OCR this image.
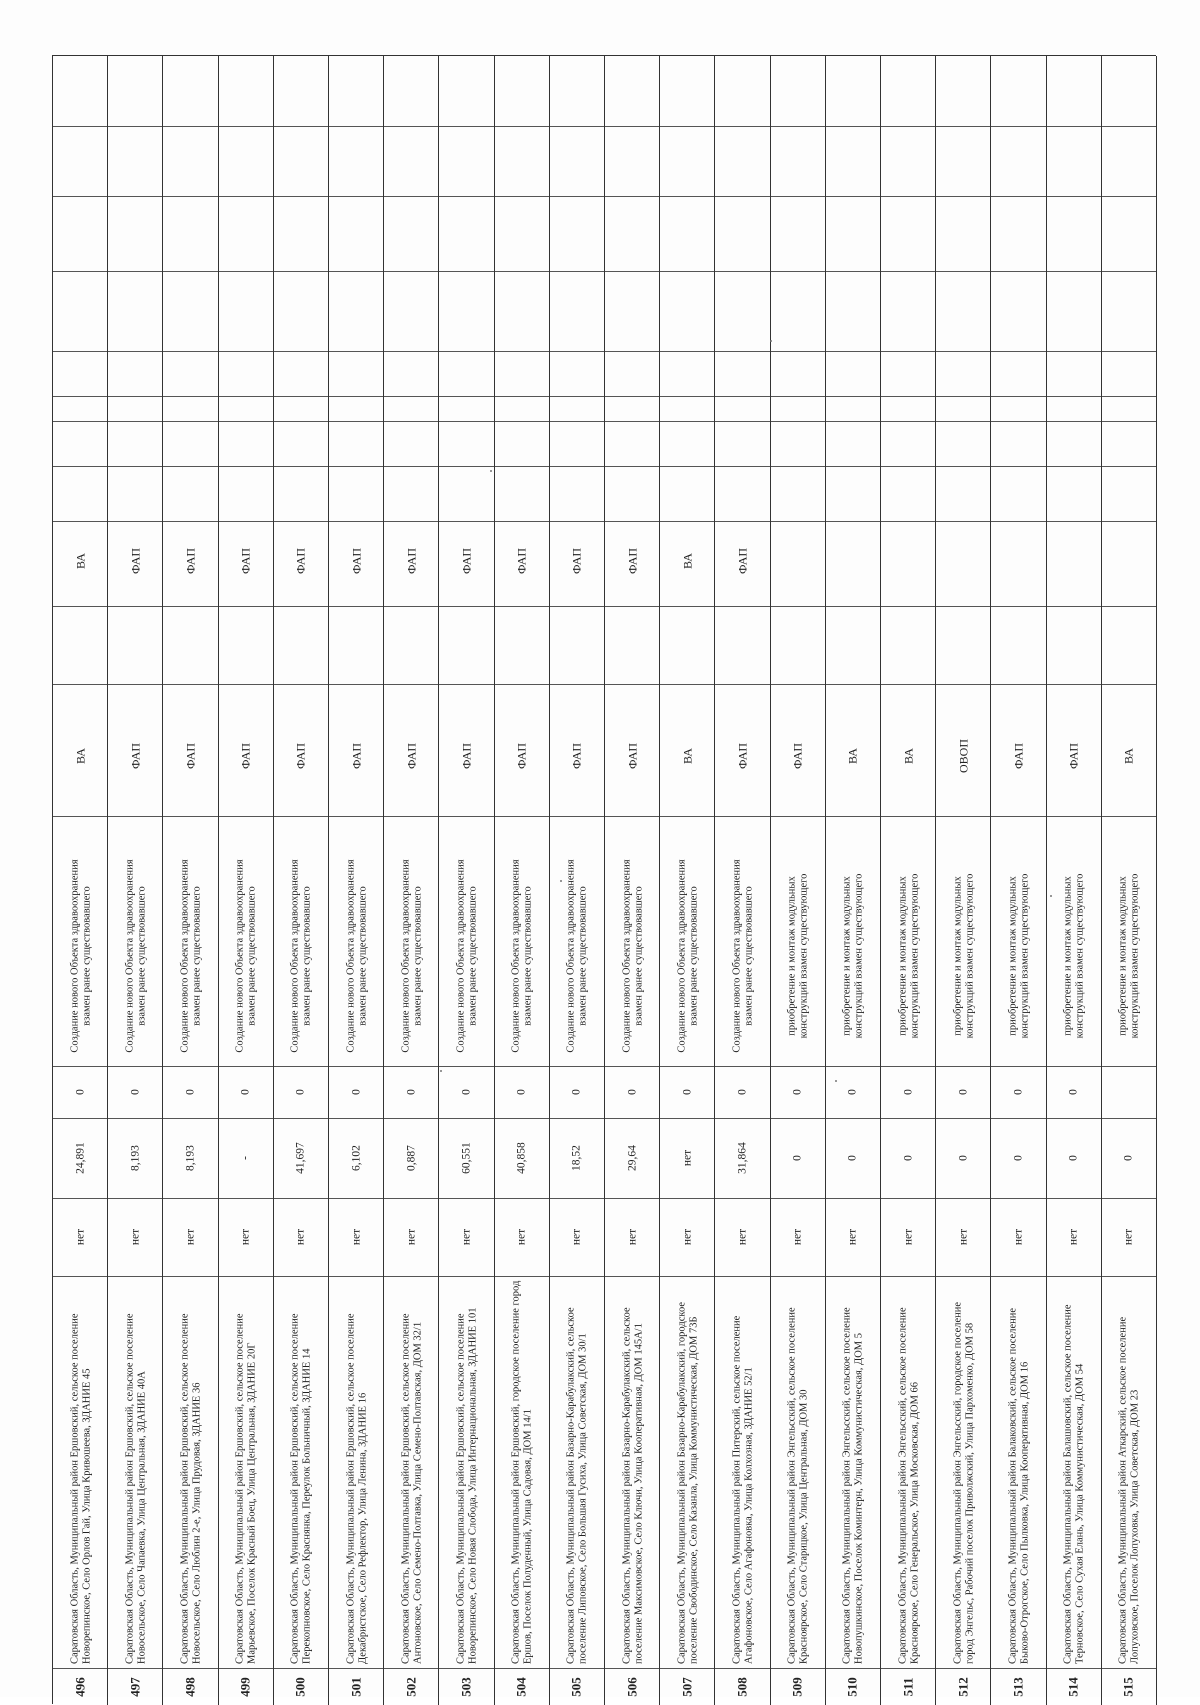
496
Саратовская Область, Муниципальный район Ершовский, сельское поселение Новорепинское, Село Орлов Гай, Улица Кривошеева, ЗДАНИЕ 45
нет
24,891
0
Создание нового Объекта здравоохранения взамен ранее существовавшего
ВА
ВА
497
Саратовская Область, Муниципальный район Ершовский, сельское поселение Новосельское, Село Чапаевка, Улица Центральная, ЗДАНИЕ 40А
нет
8,193
0
Создание нового Объекта здравоохранения взамен ранее существовавшего
ФАП
ФАП
498
Саратовская Область, Муниципальный район Ершовский, сельское поселение Новосельское, Село Люблин 2-е, Улица Прудовая, ЗДАНИЕ 36
нет
8,193
0
Создание нового Объекта здравоохранения взамен ранее существовавшего
ФАП
ФАП
499
Саратовская Область, Муниципальный район Ершовский, сельское поселение Марьевское, Поселок Красный Боец, Улица Центральная, ЗДАНИЕ 20Г
нет
-
0
Создание нового Объекта здравоохранения взамен ранее существовавшего
ФАП
ФАП
500
Саратовская Область, Муниципальный район Ершовский, сельское поселение Перекопновское, Село Краснянка, Переулок Больничный, ЗДАНИЕ 14
нет
41,697
0
Создание нового Объекта здравоохранения взамен ранее существовавшего
ФАП
ФАП
501
Саратовская Область, Муниципальный район Ершовский, сельское поселение Декабристское, Село Рефлектор, Улица Ленина, ЗДАНИЕ 16
нет
6,102
0
Создание нового Объекта здравоохранения взамен ранее существовавшего
ФАП
ФАП
502
Саратовская Область, Муниципальный район Ершовский, сельское поселение Антоновское, Село Семено-Полтавка, Улица Семено-Полтавская, ДОМ 32/1
нет
0,887
0
Создание нового Объекта здравоохранения взамен ранее существовавшего
ФАП
ФАП
503
Саратовская Область, Муниципальный район Ершовский, сельское поселение Новорепинское, Село Новая Слобода, Улица Интернациональная, ЗДАНИЕ 101
нет
60,551
0
Создание нового Объекта здравоохранения взамен ранее существовавшего
ФАП
ФАП
504
Саратовская Область, Муниципальный район Ершовский, городское поселение город Ершов, Поселок Полуденный, Улица Садовая, ДОМ 14/1
нет
40,858
0
Создание нового Объекта здравоохранения взамен ранее существовавшего
ФАП
ФАП
505
Саратовская Область, Муниципальный район Базарно-Карабулакский, сельское поселение Липовское, Село Большая Гусиха, Улица Советская, ДОМ 30/1
нет
18,52
0
Создание нового Объекта здравоохранения взамен ранее существовавшего
ФАП
ФАП
506
Саратовская Область, Муниципальный район Базарно-Карабулакский, сельское поселение Максимовское, Село Ключи, Улица Кооперативная, ДОМ 145А/1
нет
29,64
0
Создание нового Объекта здравоохранения взамен ранее существовавшего
ФАП
ФАП
507
Саратовская Область, Муниципальный район Базарно-Карабулакский, городское поселение Свободинское, Село Казанла, Улица Коммунистическая, ДОМ 73Б
нет
нет
0
Создание нового Объекта здравоохранения взамен ранее существовавшего
ВА
ВА
508
Саратовская Область, Муниципальный район Питерский, сельское поселение Агафоновское, Село Агафоновка, Улица Колхозная, ЗДАНИЕ 52/1
нет
31,864
0
Создание нового Объекта здравоохранения взамен ранее существовавшего
ФАП
ФАП
509
Саратовская Область, Муниципальный район Энгельсский, сельское поселение Красноярское, Село Старицкое, Улица Центральная, ДОМ 30
нет
0
0
приобретение и монтаж модульных конструкций взамен существующего
ФАП
510
Саратовская Область, Муниципальный район Энгельсский, сельское поселение Новопушкинское, Поселок Коминтерн, Улица Коммунистическая, ДОМ 5
нет
0
0
приобретение и монтаж модульных конструкций взамен существующего
ВА
511
Саратовская Область, Муниципальный район Энгельсский, сельское поселение Красноярское, Село Генеральское, Улица Московская, ДОМ 66
нет
0
0
приобретение и монтаж модульных конструкций взамен существующего
ВА
512
Саратовская Область, Муниципальный район Энгельсский, городское поселение город Энгельс, Рабочий поселок Приволжский, Улица Пархоменко, ДОМ 58
нет
0
0
приобретение и монтаж модульных конструкций взамен существующего
ОВОП
513
Саратовская Область, Муниципальный район Балаковский, сельское поселение Быково-Отрогское, Село Пылковка, Улица Кооперативная, ДОМ 16
нет
0
0
приобретение и монтаж модульных конструкций взамен существующего
ФАП
514
Саратовская Область, Муниципальный район Балашовский, сельское поселение Терновское, Село Сухая Елань, Улица Коммунистическая, ДОМ 54
нет
0
0
приобретение и монтаж модульных конструкций взамен существующего
ФАП
515
Саратовская Область, Муниципальный район Аткарский, сельское поселение Лопуховское, Поселок Лопуховка, Улица Советская, ДОМ 23
нет
0
приобретение и монтаж модульных конструкций взамен существующего
ВА
